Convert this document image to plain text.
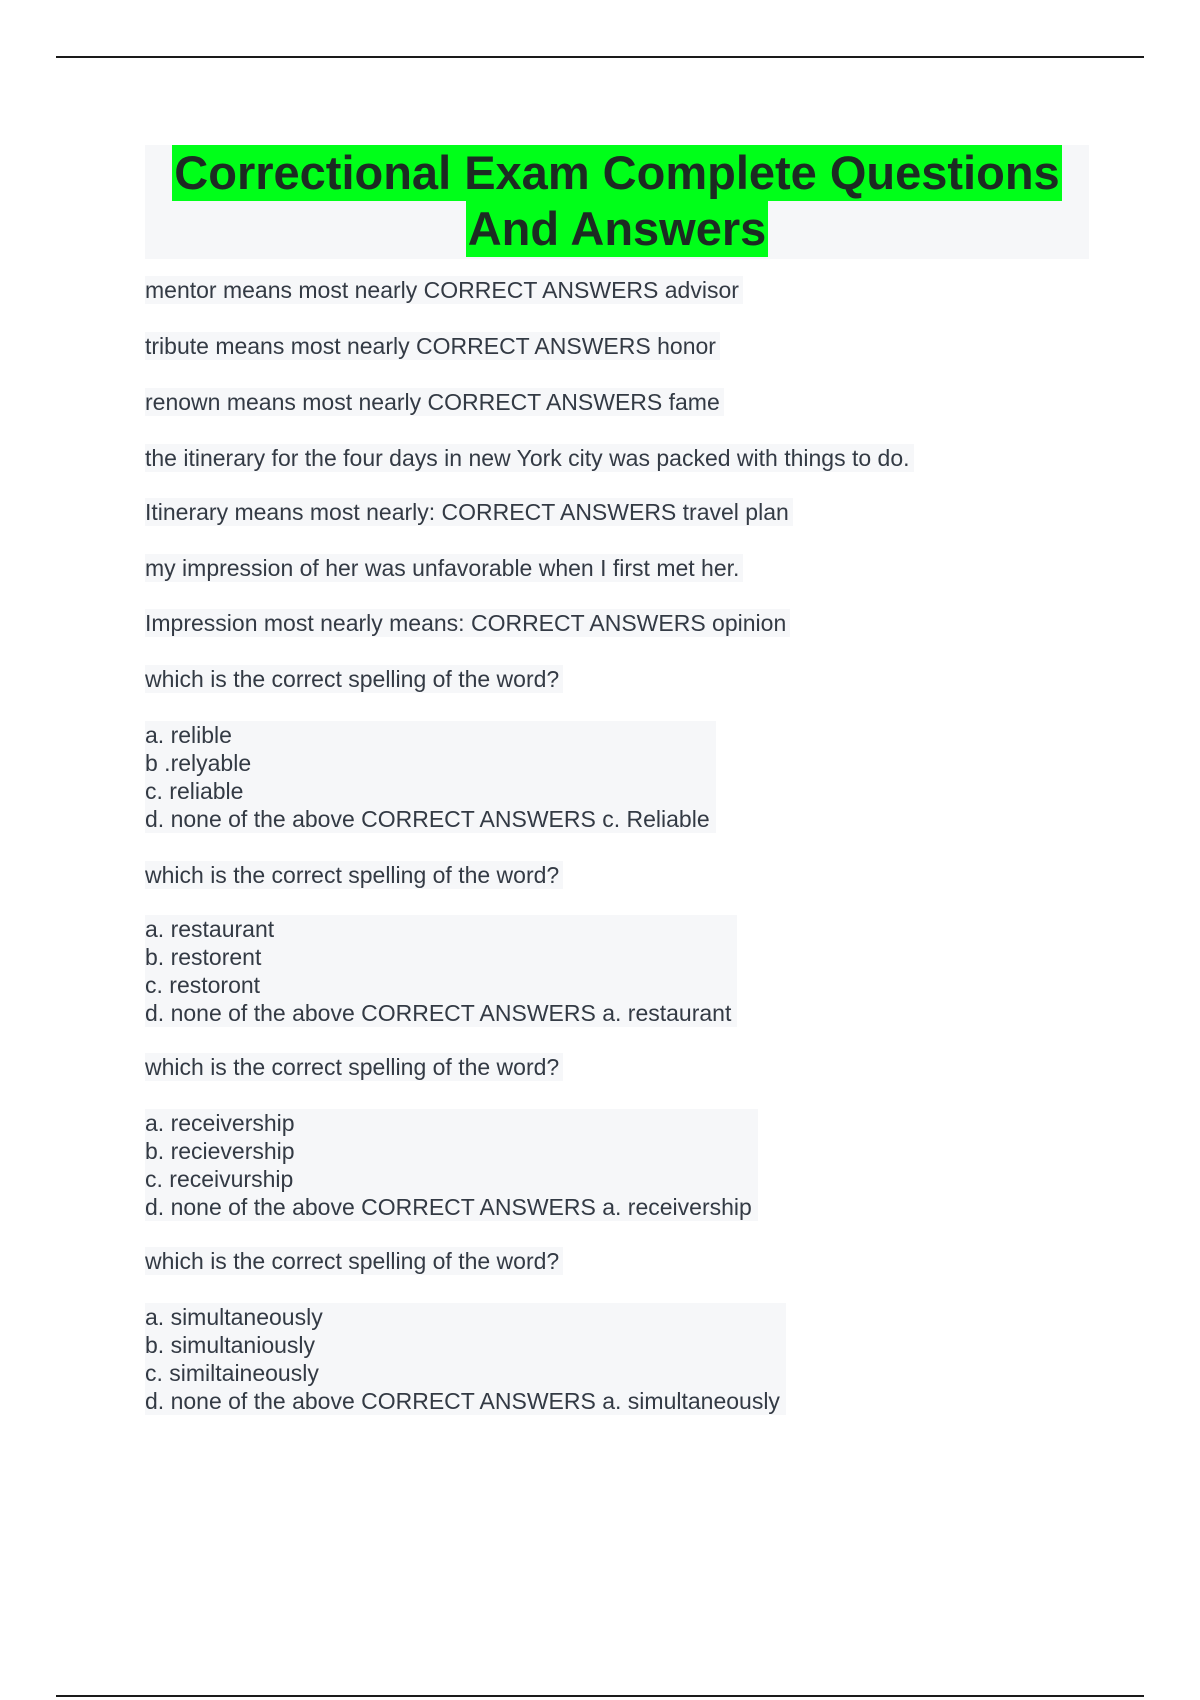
Correctional Exam Complete Questions
And Answers
mentor means most nearly CORRECT ANSWERS advisor
tribute means most nearly CORRECT ANSWERS honor
renown means most nearly CORRECT ANSWERS fame
the itinerary for the four days in new York city was packed with things to do.
Itinerary means most nearly: CORRECT ANSWERS travel plan
my impression of her was unfavorable when I first met her.
Impression most nearly means: CORRECT ANSWERS opinion
which is the correct spelling of the word?
a. relible
b .relyable
c. reliable
d. none of the above CORRECT ANSWERS c. Reliable
which is the correct spelling of the word?
a. restaurant
b. restorent
c. restoront
d. none of the above CORRECT ANSWERS a. restaurant
which is the correct spelling of the word?
a. receivership
b. recievership
c. receivurship
d. none of the above CORRECT ANSWERS a. receivership
which is the correct spelling of the word?
a. simultaneously
b. simultaniously
c. similtaineously
d. none of the above CORRECT ANSWERS a. simultaneously
